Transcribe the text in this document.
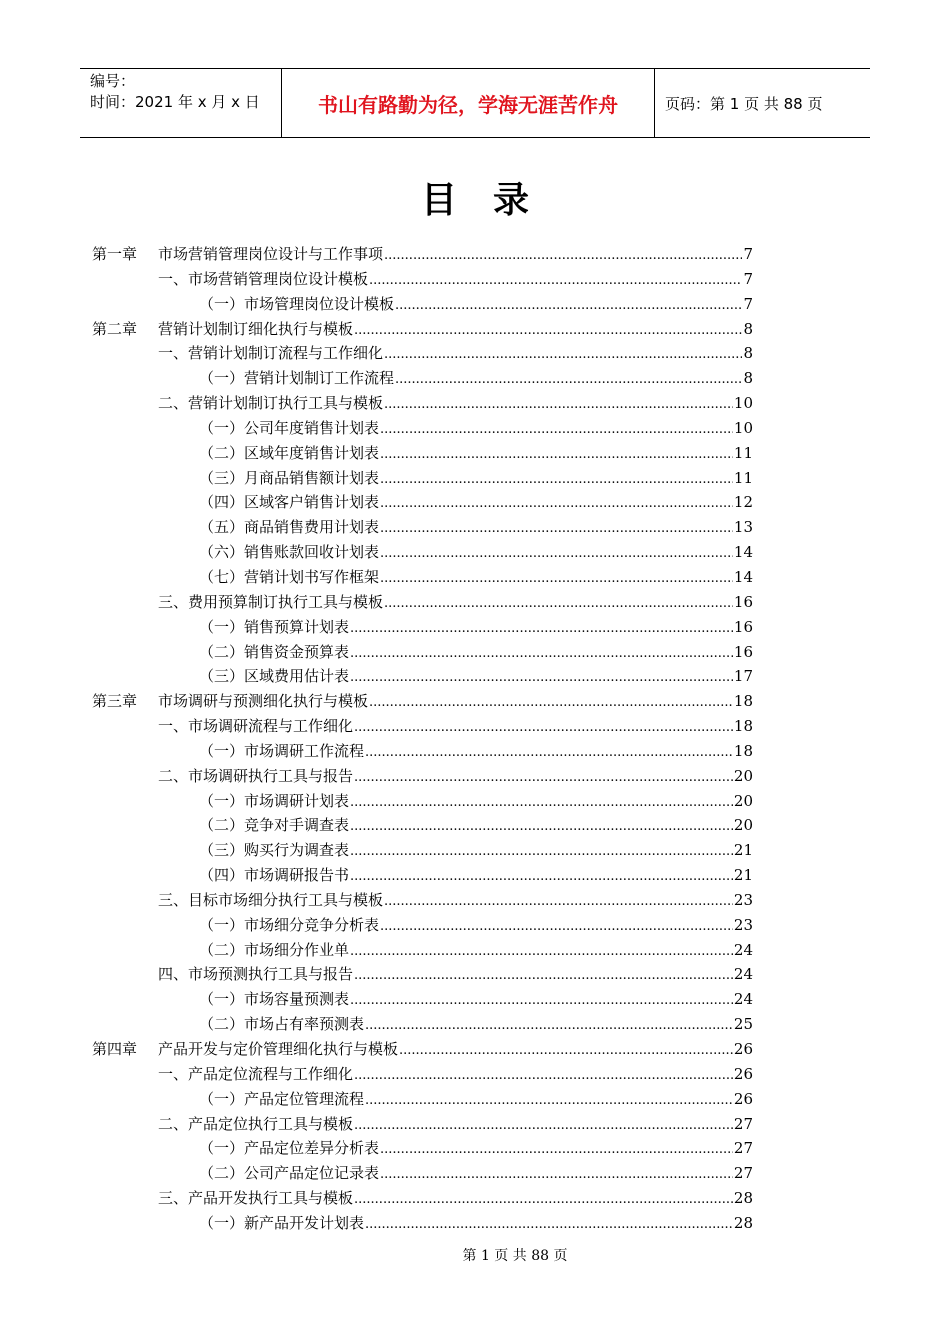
编号：
时间：2021 年 x 月 x 日	书山有路勤为径，学海无涯苦作舟	页码：第 1 页 共 88 页
目录
第一章 市场营销管理岗位设计与工作事项 .....	7
一、市场营销管理岗位设计模板 .....	7
（一）市场管理岗位设计模板 .....	7
第二章 营销计划制订细化执行与模板 .....	8
一、营销计划制订流程与工作细化 .....	8
（一）营销计划制订工作流程 .....	8
二、营销计划制订执行工具与模板 .....	10
（一）公司年度销售计划表 .....	10
（二）区域年度销售计划表 .....	11
（三）月商品销售额计划表 .....	11
（四）区域客户销售计划表 .....	12
（五）商品销售费用计划表 .....	13
（六）销售账款回收计划表 .....	14
（七）营销计划书写作框架 .....	14
三、费用预算制订执行工具与模板 .....	16
（一）销售预算计划表 .....	16
（二）销售资金预算表 .....	16
（三）区域费用估计表 .....	17
第三章 市场调研与预测细化执行与模板 .....	18
一、市场调研流程与工作细化 .....	18
（一）市场调研工作流程 .....	18
二、市场调研执行工具与报告 .....	20
（一）市场调研计划表 .....	20
（二）竞争对手调查表 .....	20
（三）购买行为调查表 .....	21
（四）市场调研报告书 .....	21
三、目标市场细分执行工具与模板 .....	23
（一）市场细分竞争分析表 .....	23
（二）市场细分作业单 .....	24
四、市场预测执行工具与报告 .....	24
（一）市场容量预测表 .....	24
（二）市场占有率预测表 .....	25
第四章 产品开发与定价管理细化执行与模板 .....	26
一、产品定位流程与工作细化 .....	26
（一）产品定位管理流程 .....	26
二、产品定位执行工具与模板 .....	27
（一）产品定位差异分析表 .....	27
（二）公司产品定位记录表 .....	27
三、产品开发执行工具与模板 .....	28
（一）新产品开发计划表 .....	28
第 1 页 共 88 页
